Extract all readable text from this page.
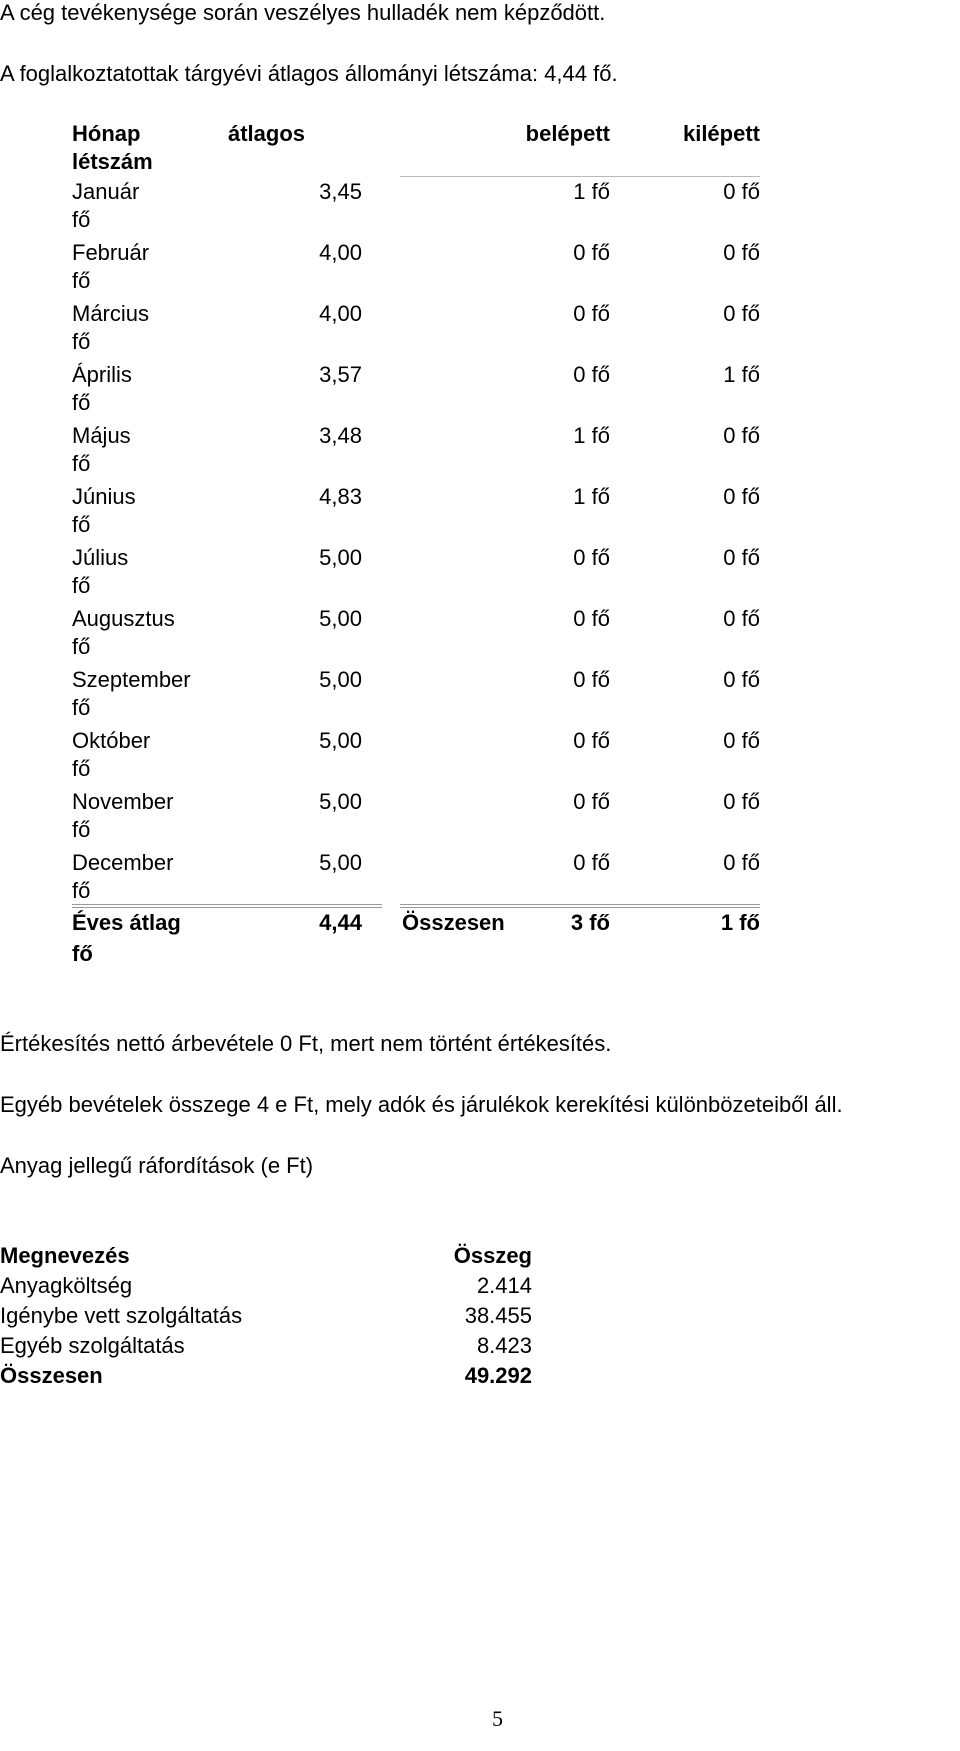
A cég tevékenysége során veszélyes hulladék nem képződött.
A foglalkoztatottak tárgyévi átlagos állományi létszáma: 4,44 fő.
Hónap	átlagos	belépett	kilépett
létszám
Január	3,45	1 fő	0 fő
fő
Február	4,00	0 fő	0 fő
fő
Március	4,00	0 fő	0 fő
fő
Április	3,57	0 fő	1 fő
fő
Május	3,48	1 fő	0 fő
fő
Június	4,83	1 fő	0 fő
fő
Július	5,00	0 fő	0 fő
fő
Augusztus	5,00	0 fő	0 fő
fő
Szeptember	5,00	0 fő	0 fő
fő
Október	5,00	0 fő	0 fő
fő
November	5,00	0 fő	0 fő
fő
December	5,00	0 fő	0 fő
fő
Éves átlag	4,44 Összesen	3 fő	1 fő
fő
Értékesítés nettó árbevétele 0 Ft, mert nem történt értékesítés.
Egyéb bevételek összege 4 e Ft, mely adók és járulékok kerekítési különbözeteiből áll.
Anyag jellegű ráfordítások (e Ft)
Megnevezés	Összeg
Anyagköltség	2.414
Igénybe vett szolgáltatás	38.455
Egyéb szolgáltatás	8.423
Összesen	49.292
5
